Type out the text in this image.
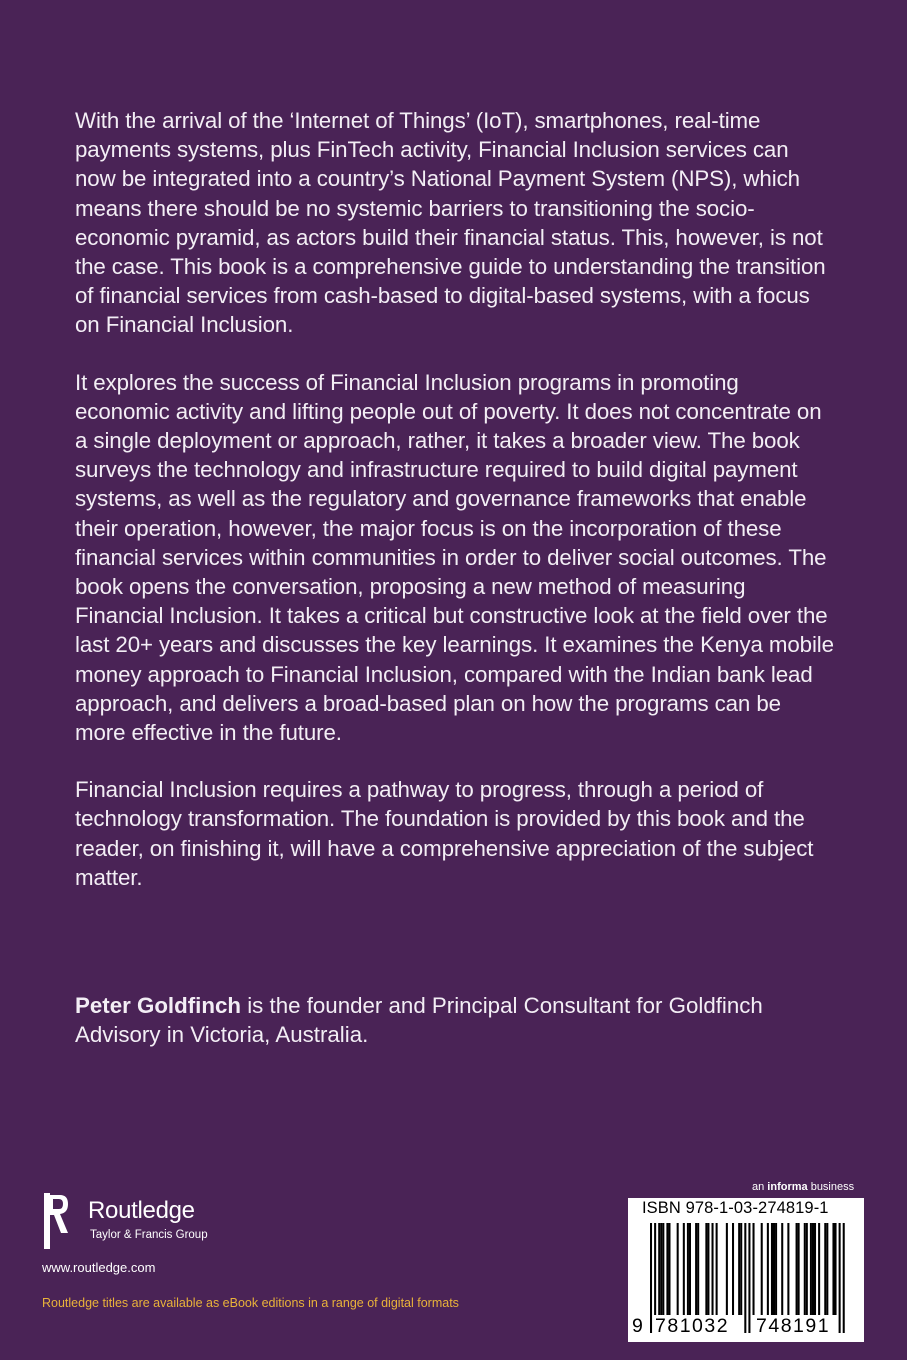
With the arrival of the ‘Internet of Things’ (IoT), smartphones, real-time payments systems, plus FinTech activity, Financial Inclusion services can now be integrated into a country’s National Payment System (NPS), which means there should be no systemic barriers to transitioning the socio-economic pyramid, as actors build their financial status. This, however, is not the case. This book is a comprehensive guide to understanding the transition of financial services from cash-based to digital-based systems, with a focus on Financial Inclusion.

It explores the success of Financial Inclusion programs in promoting economic activity and lifting people out of poverty. It does not concentrate on a single deployment or approach, rather, it takes a broader view. The book surveys the technology and infrastructure required to build digital payment systems, as well as the regulatory and governance frameworks that enable their operation, however, the major focus is on the incorporation of these financial services within communities in order to deliver social outcomes. The book opens the conversation, proposing a new method of measuring Financial Inclusion. It takes a critical but constructive look at the field over the last 20+ years and discusses the key learnings. It examines the Kenya mobile money approach to Financial Inclusion, compared with the Indian bank lead approach, and delivers a broad-based plan on how the programs can be more effective in the future.

Financial Inclusion requires a pathway to progress, through a period of technology transformation. The foundation is provided by this book and the reader, on finishing it, will have a comprehensive appreciation of the subject matter.

Peter Goldfinch is the founder and Principal Consultant for Goldfinch Advisory in Victoria, Australia.

Routledge
Taylor & Francis Group
www.routledge.com
Routledge titles are available as eBook editions in a range of digital formats
an informa business
ISBN 978-1-03-274819-1
9 781032 748191
